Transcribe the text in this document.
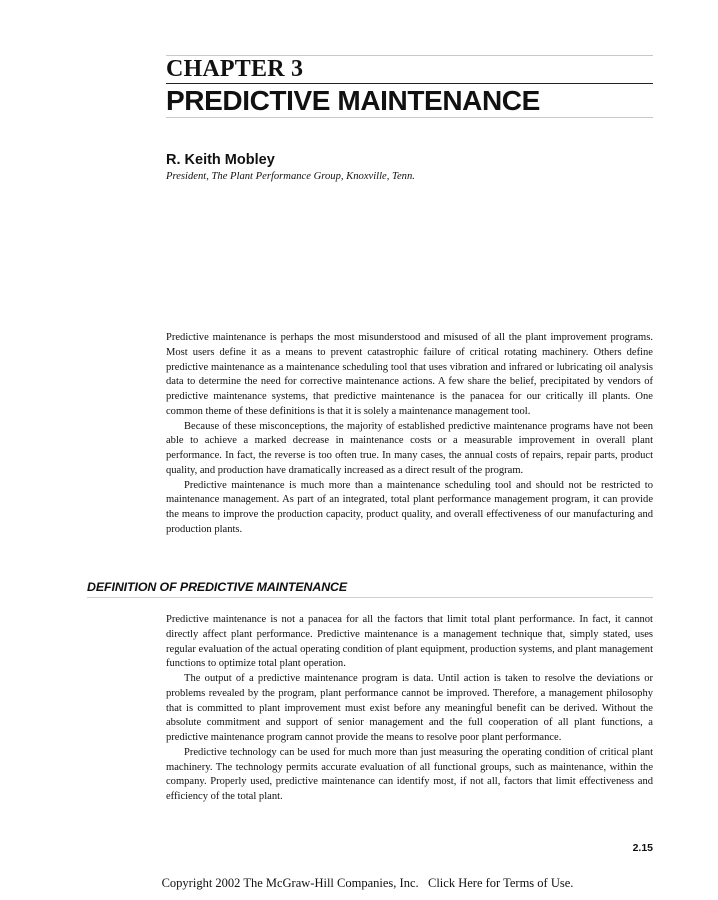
CHAPTER 3
PREDICTIVE MAINTENANCE
R. Keith Mobley
President, The Plant Performance Group, Knoxville, Tenn.

Predictive maintenance is perhaps the most misunderstood and misused of all the plant improvement programs. Most users define it as a means to prevent catastrophic failure of critical rotating machinery. Others define predictive maintenance as a maintenance scheduling tool that uses vibration and infrared or lubricating oil analysis data to determine the need for corrective maintenance actions. A few share the belief, precipitated by vendors of predictive maintenance systems, that predictive maintenance is the panacea for our critically ill plants. One common theme of these definitions is that it is solely a maintenance management tool.

Because of these misconceptions, the majority of established predictive maintenance programs have not been able to achieve a marked decrease in maintenance costs or a measurable improvement in overall plant performance. In fact, the reverse is too often true. In many cases, the annual costs of repairs, repair parts, product quality, and production have dramatically increased as a direct result of the program.

Predictive maintenance is much more than a maintenance scheduling tool and should not be restricted to maintenance management. As part of an integrated, total plant performance management program, it can provide the means to improve the production capacity, product quality, and overall effectiveness of our manufacturing and production plants.

DEFINITION OF PREDICTIVE MAINTENANCE

Predictive maintenance is not a panacea for all the factors that limit total plant performance. In fact, it cannot directly affect plant performance. Predictive maintenance is a management technique that, simply stated, uses regular evaluation of the actual operating condition of plant equipment, production systems, and plant management functions to optimize total plant operation.

The output of a predictive maintenance program is data. Until action is taken to resolve the deviations or problems revealed by the program, plant performance cannot be improved. Therefore, a management philosophy that is committed to plant improvement must exist before any meaningful benefit can be derived. Without the absolute commitment and support of senior management and the full cooperation of all plant functions, a predictive maintenance program cannot provide the means to resolve poor plant performance.

Predictive technology can be used for much more than just measuring the operating condition of critical plant machinery. The technology permits accurate evaluation of all functional groups, such as maintenance, within the company. Properly used, predictive maintenance can identify most, if not all, factors that limit effectiveness and efficiency of the total plant.

2.15
Copyright 2002 The McGraw-Hill Companies, Inc. Click Here for Terms of Use.
